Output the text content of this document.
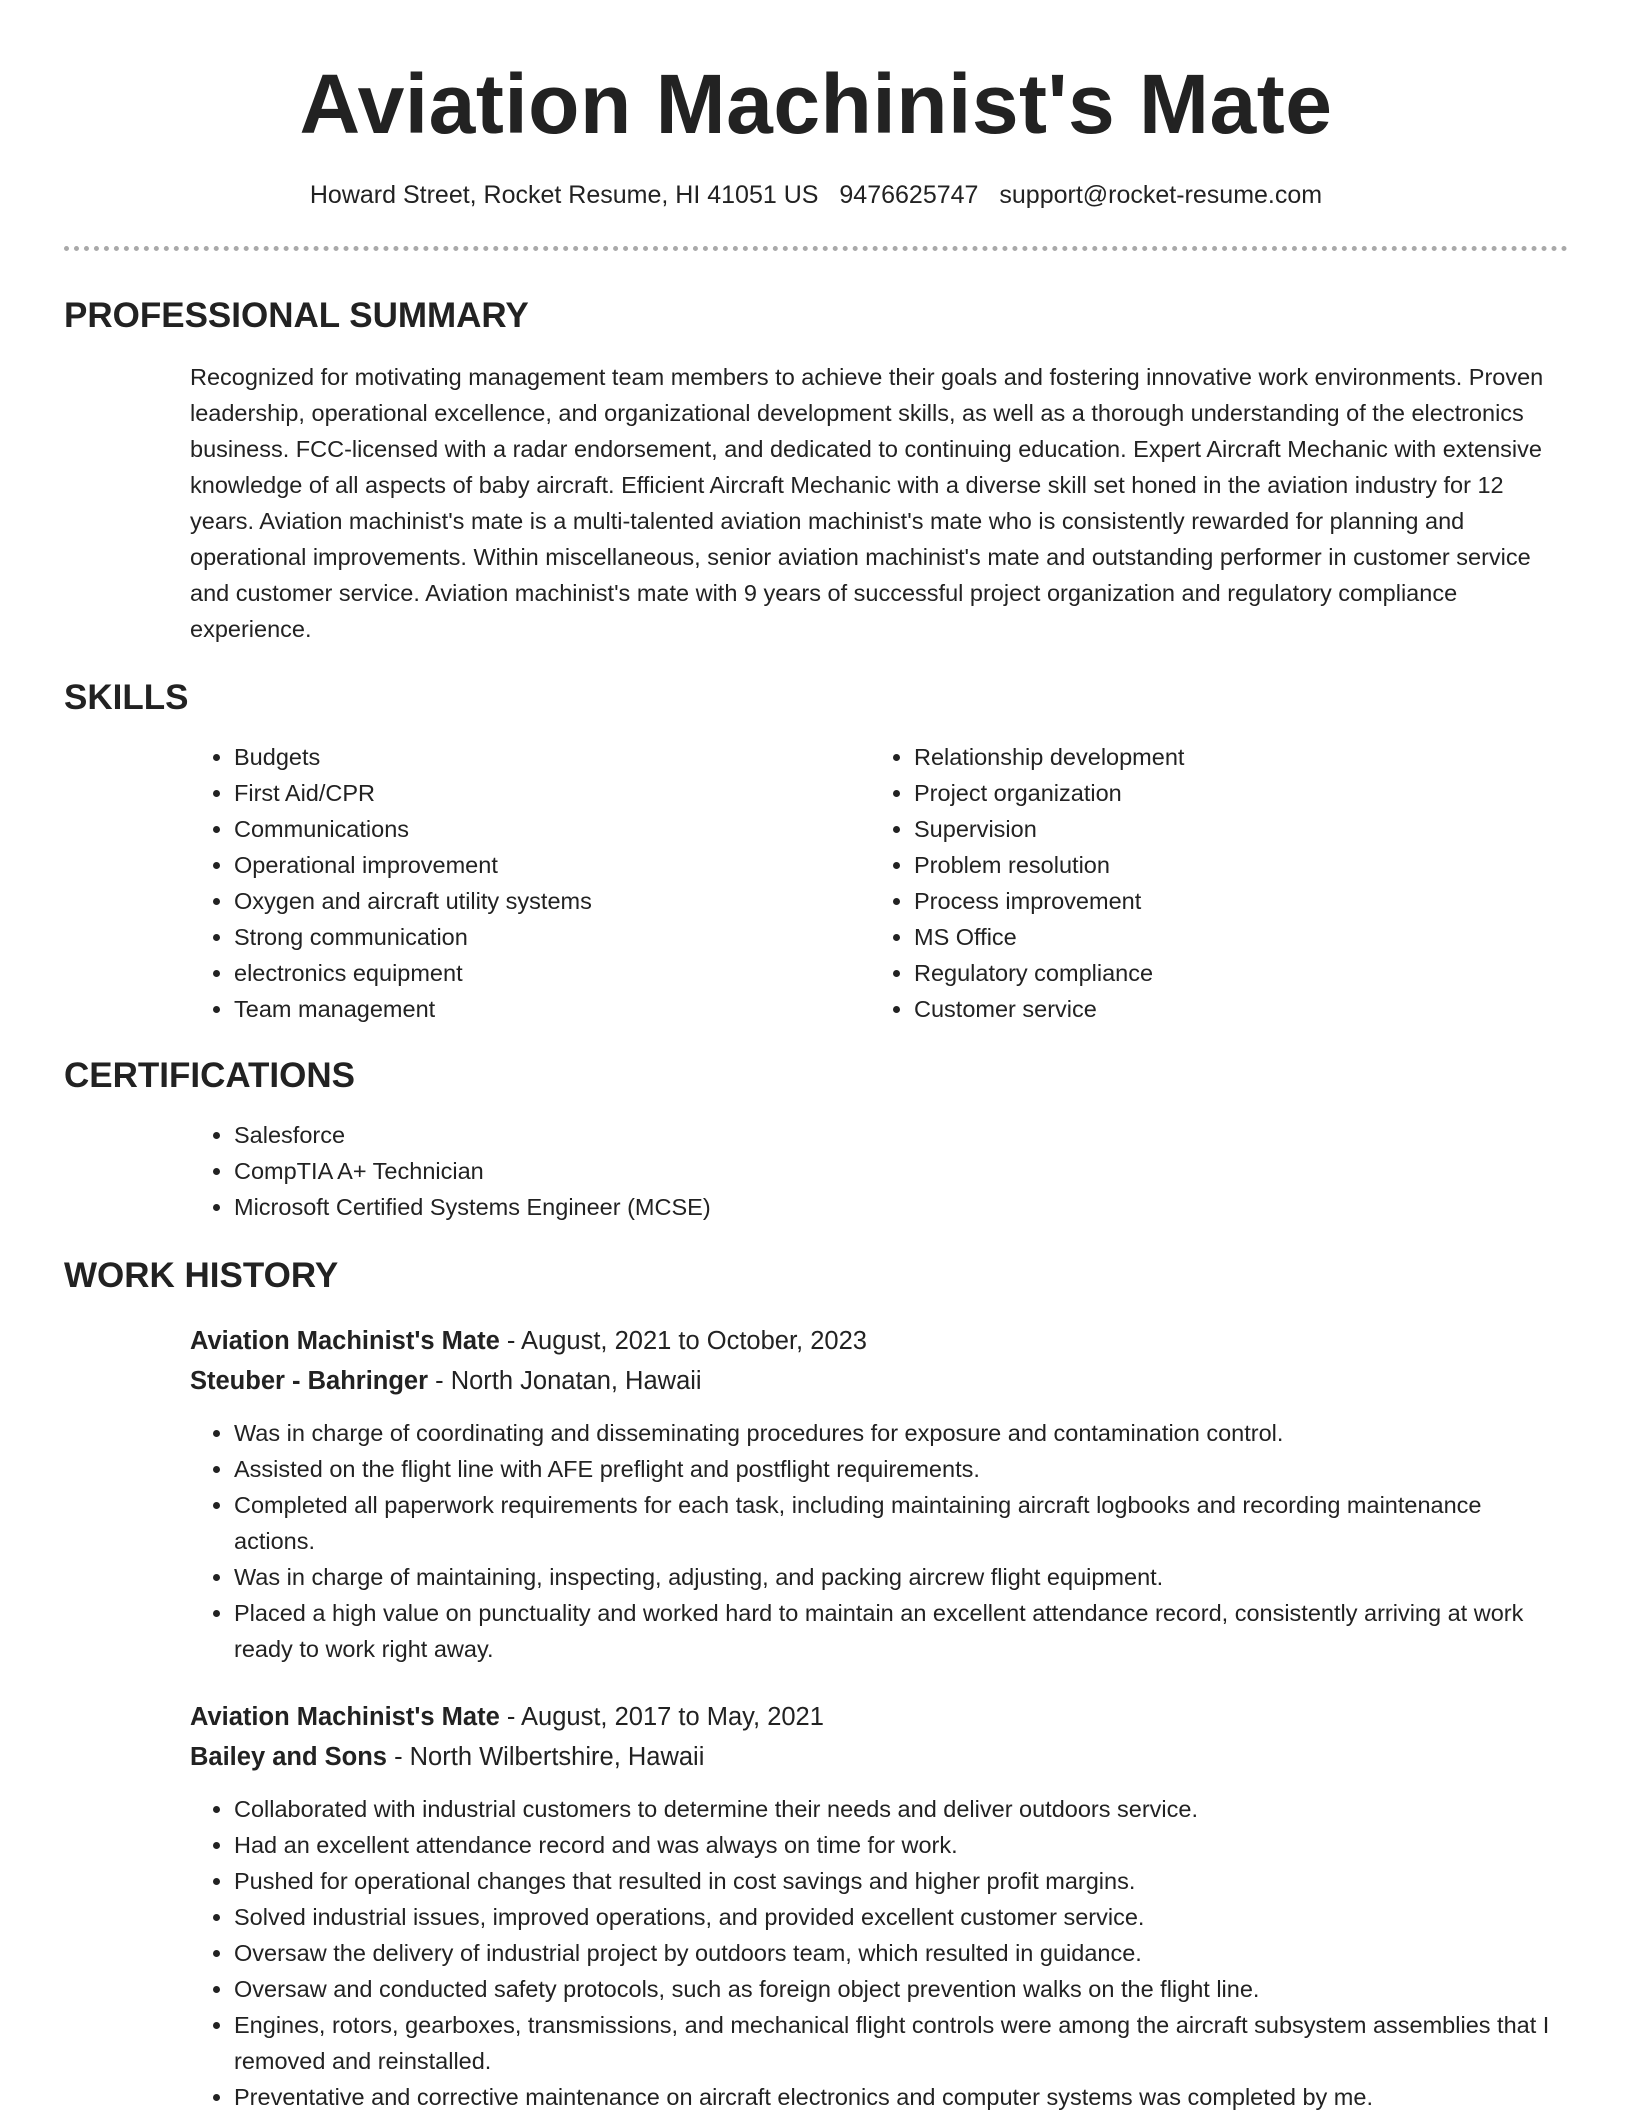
Aviation Machinist's Mate
Howard Street, Rocket Resume, HI 41051 US 9476625747 support@rocket-resume.com
PROFESSIONAL SUMMARY

Recognized for motivating management team members to achieve their goals and fostering innovative work environments. Proven leadership, operational excellence, and organizational development skills, as well as a thorough understanding of the electronics business. FCC-licensed with a radar endorsement, and dedicated to continuing education. Expert Aircraft Mechanic with extensive knowledge of all aspects of baby aircraft. Efficient Aircraft Mechanic with a diverse skill set honed in the aviation industry for 12 years. Aviation machinist's mate is a multi-talented aviation machinist's mate who is consistently rewarded for planning and operational improvements. Within miscellaneous, senior aviation machinist's mate and outstanding performer in customer service and customer service. Aviation machinist's mate with 9 years of successful project organization and regulatory compliance experience.

SKILLS
• Budgets
• First Aid/CPR
• Communications
• Operational improvement
• Oxygen and aircraft utility systems
• Strong communication
• electronics equipment
• Team management
• Relationship development
• Project organization
• Supervision
• Problem resolution
• Process improvement
• MS Office
• Regulatory compliance
• Customer service
CERTIFICATIONS
• Salesforce
• CompTIA A+ Technician
• Microsoft Certified Systems Engineer (MCSE)
WORK HISTORY
Aviation Machinist's Mate - August, 2021 to October, 2023
Steuber - Bahringer - North Jonatan, Hawaii
• Was in charge of coordinating and disseminating procedures for exposure and contamination control.
• Assisted on the flight line with AFE preflight and postflight requirements.
• Completed all paperwork requirements for each task, including maintaining aircraft logbooks and recording maintenance actions.
• Was in charge of maintaining, inspecting, adjusting, and packing aircrew flight equipment.
• Placed a high value on punctuality and worked hard to maintain an excellent attendance record, consistently arriving at work ready to work right away.
Aviation Machinist's Mate - August, 2017 to May, 2021
Bailey and Sons - North Wilbertshire, Hawaii
• Collaborated with industrial customers to determine their needs and deliver outdoors service.
• Had an excellent attendance record and was always on time for work.
• Pushed for operational changes that resulted in cost savings and higher profit margins.
• Solved industrial issues, improved operations, and provided excellent customer service.
• Oversaw the delivery of industrial project by outdoors team, which resulted in guidance.
• Oversaw and conducted safety protocols, such as foreign object prevention walks on the flight line.
• Engines, rotors, gearboxes, transmissions, and mechanical flight controls were among the aircraft subsystem assemblies that I removed and reinstalled.
• Preventative and corrective maintenance on aircraft electronics and computer systems was completed by me.
